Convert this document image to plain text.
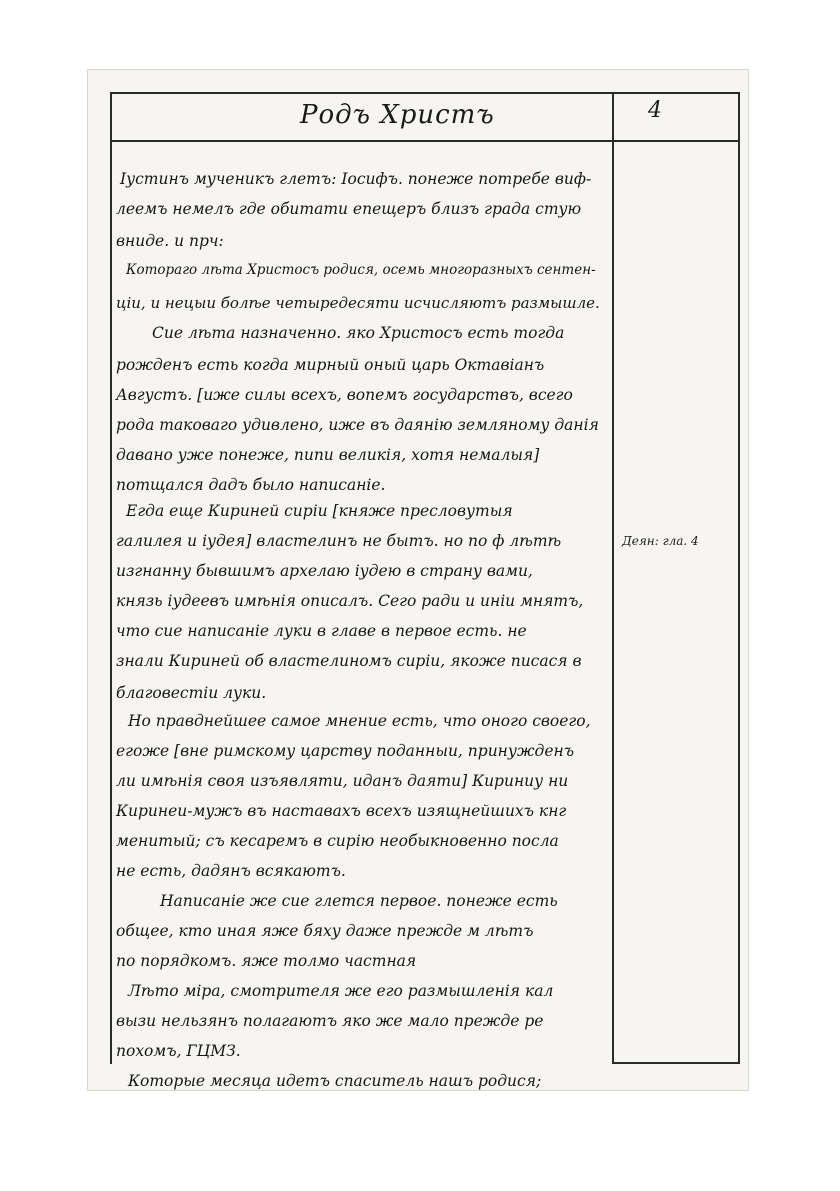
Родъ Христъ	4
Деян: гла. 4
Іустинъ мученикъ глетъ: Іосифъ. понеже потребе виф-
леемъ немелъ где обитати епещеръ близъ града стую
вниде. и прч:
Котораго лѣта Христосъ родися, осемь многоразныхъ сентен-
ціи, и нецыи болѣе четыредесяти исчисляютъ размышле.
Сие лѣта назначенно. яко Христосъ есть тогда
рожденъ есть когда мирный оный царь Октавіанъ
Августъ. [иже силы всехъ, вопемъ государствъ, всего
рода таковаго удивлено, иже въ даянію земляному данія
давано уже понеже, пипи великія, хотя немалыя]
потщался дадъ было написаніе.
Егда еще Кириней сиріи [княже пресловутыя
галилея и іудея] властелинъ не бытъ. но по ф лѣтѣ
изгнанну бывшимъ архелаю іудею в страну вами,
князь іудеевъ имѣнія описалъ. Сего ради и иніи мнятъ,
что сие написаніе луки в главе в первое есть. не
знали Кириней об властелиномъ сиріи, якоже писася в
благовестіи луки.
Но правднейшее самое мнение есть, что оного своего,
егоже [вне римскому царству поданныи, принужденъ
ли имѣнія своя изъявляти, иданъ даяти] Кириниу ни
Киринеи-мужъ въ наставахъ всехъ изящнейшихъ кнг
менитый; съ кесаремъ в сирію необыкновенно посла
не есть, дадянъ всякаютъ.
Написаніе же сие глется первое. понеже есть
общее, кто иная яже бяху даже прежде м лѣтъ
по порядкомъ. яже толмо частная
Лѣто міра, смотрителя же его размышленія кал
вызи нельзянъ полагаютъ яко же мало прежде ре
похомъ, ГЦМЗ.
Которые месяца идетъ спаситель нашъ родися;
